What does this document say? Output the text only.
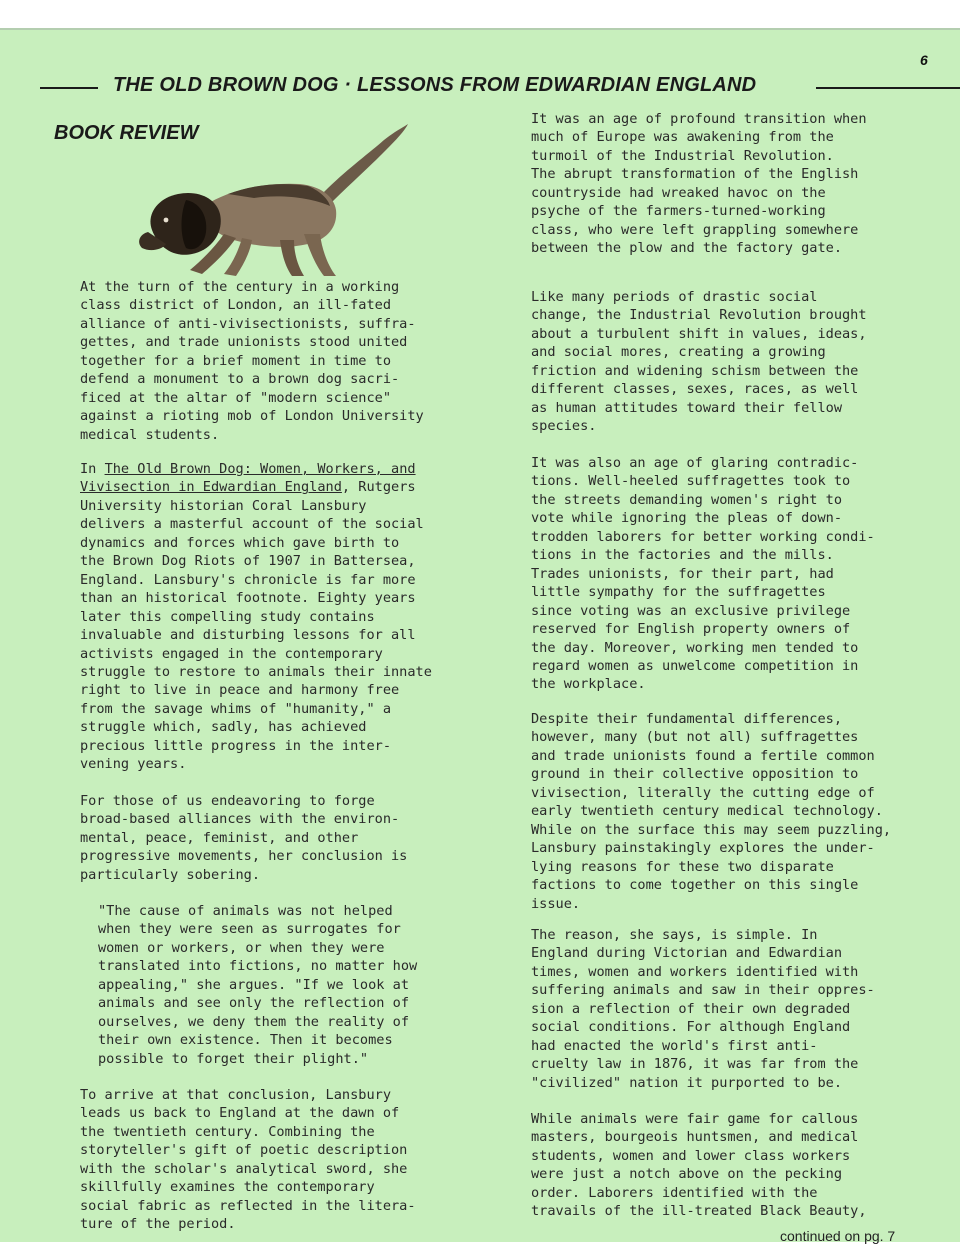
6
THE OLD BROWN DOG · LESSONS FROM EDWARDIAN ENGLAND
BOOK REVIEW

At the turn of the century in a working
class district of London, an ill-fated
alliance of anti-vivisectionists, suffra-
gettes, and trade unionists stood united
together for a brief moment in time to
defend a monument to a brown dog sacri-
ficed at the altar of "modern science"
against a rioting mob of London University
medical students.

In The Old Brown Dog: Women, Workers, and
Vivisection in Edwardian England, Rutgers
University historian Coral Lansbury
delivers a masterful account of the social
dynamics and forces which gave birth to
the Brown Dog Riots of 1907 in Battersea,
England. Lansbury's chronicle is far more
than an historical footnote. Eighty years
later this compelling study contains
invaluable and disturbing lessons for all
activists engaged in the contemporary
struggle to restore to animals their innate
right to live in peace and harmony free
from the savage whims of "humanity," a
struggle which, sadly, has achieved
precious little progress in the inter-
vening years.

For those of us endeavoring to forge
broad-based alliances with the environ-
mental, peace, feminist, and other
progressive movements, her conclusion is
particularly sobering.

"The cause of animals was not helped
when they were seen as surrogates for
women or workers, or when they were
translated into fictions, no matter how
appealing," she argues. "If we look at
animals and see only the reflection of
ourselves, we deny them the reality of
their own existence. Then it becomes
possible to forget their plight."

To arrive at that conclusion, Lansbury
leads us back to England at the dawn of
the twentieth century. Combining the
storyteller's gift of poetic description
with the scholar's analytical sword, she
skillfully examines the contemporary
social fabric as reflected in the litera-
ture of the period.

It was an age of profound transition when
much of Europe was awakening from the
turmoil of the Industrial Revolution.
The abrupt transformation of the English
countryside had wreaked havoc on the
psyche of the farmers-turned-working
class, who were left grappling somewhere
between the plow and the factory gate.

Like many periods of drastic social
change, the Industrial Revolution brought
about a turbulent shift in values, ideas,
and social mores, creating a growing
friction and widening schism between the
different classes, sexes, races, as well
as human attitudes toward their fellow
species.

It was also an age of glaring contradic-
tions. Well-heeled suffragettes took to
the streets demanding women's right to
vote while ignoring the pleas of down-
trodden laborers for better working condi-
tions in the factories and the mills.
Trades unionists, for their part, had
little sympathy for the suffragettes
since voting was an exclusive privilege
reserved for English property owners of
the day. Moreover, working men tended to
regard women as unwelcome competition in
the workplace.

Despite their fundamental differences,
however, many (but not all) suffragettes
and trade unionists found a fertile common
ground in their collective opposition to
vivisection, literally the cutting edge of
early twentieth century medical technology.
While on the surface this may seem puzzling,
Lansbury painstakingly explores the under-
lying reasons for these two disparate
factions to come together on this single
issue.

The reason, she says, is simple. In
England during Victorian and Edwardian
times, women and workers identified with
suffering animals and saw in their oppres-
sion a reflection of their own degraded
social conditions. For although England
had enacted the world's first anti-
cruelty law in 1876, it was far from the
"civilized" nation it purported to be.

While animals were fair game for callous
masters, bourgeois huntsmen, and medical
students, women and lower class workers
were just a notch above on the pecking
order. Laborers identified with the
travails of the ill-treated Black Beauty,

continued on pg. 7
